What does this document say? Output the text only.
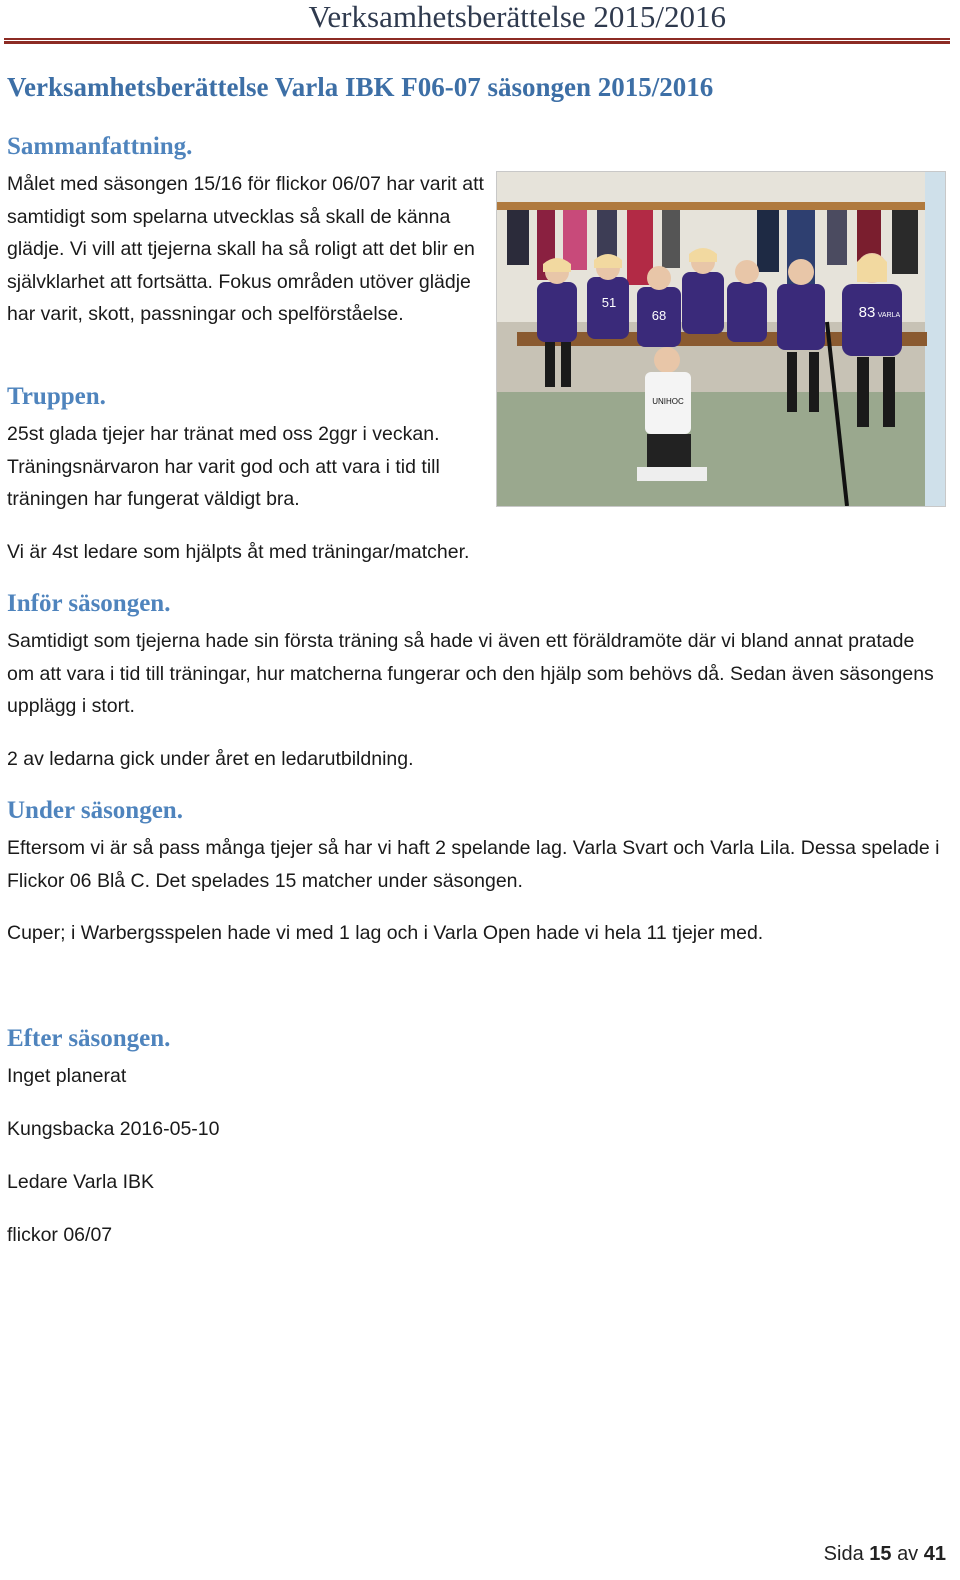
Verksamhetsberättelse 2015/2016
Verksamhetsberättelse Varla IBK F06-07 säsongen 2015/2016
Sammanfattning.

Målet med säsongen 15/16 för flickor 06/07 har varit att samtidigt som spelarna utvecklas så skall de känna glädje. Vi vill att tjejerna skall ha så roligt att det blir en självklarhet att fortsätta. Fokus områden utöver glädje har varit, skott, passningar och spelförståelse.

UNIHOC
51
68	83 VARLA
Truppen.

25st glada tjejer har tränat med oss 2ggr i veckan. Träningsnärvaron har varit god och att vara i tid till träningen har fungerat väldigt bra.

Vi är 4st ledare som hjälpts åt med träningar/matcher.

Inför säsongen.

Samtidigt som tjejerna hade sin första träning så hade vi även ett föräldramöte där vi bland annat pratade om att vara i tid till träningar, hur matcherna fungerar och den hjälp som behövs då. Sedan även säsongens upplägg i stort.

2 av ledarna gick under året en ledarutbildning.

Under säsongen.

Eftersom vi är så pass många tjejer så har vi haft 2 spelande lag. Varla Svart och Varla Lila. Dessa spelade i Flickor 06 Blå C. Det spelades 15 matcher under säsongen.

Cuper; i Warbergsspelen hade vi med 1 lag och i Varla Open hade vi hela 11 tjejer med.

Efter säsongen.

Inget planerat

Kungsbacka 2016-05-10

Ledare Varla IBK

flickor 06/07

Sida 15 av 41
